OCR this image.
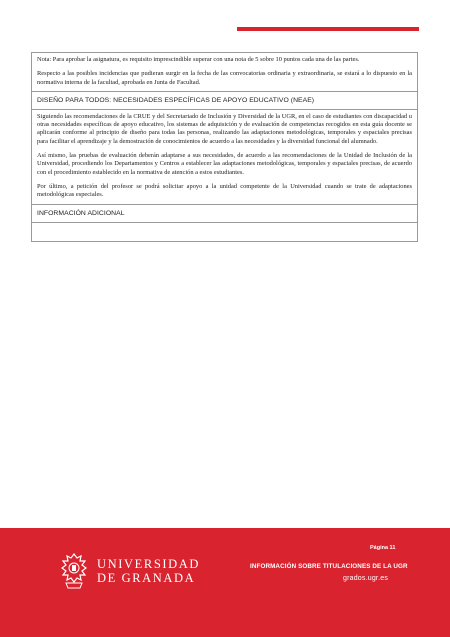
Nota: Para aprobar la asignatura, es requisito imprescindible superar con una nota de 5 sobre 10 puntos cada una de las partes.

Respecto a las posibles incidencias que pudieran surgir en la fecha de las convocatorias ordinaria y extraordinaria, se estará a lo dispuesto en la normativa interna de la facultad, aprobada en Junta de Facultad.

DISEÑO PARA TODOS: NECESIDADES ESPECÍFICAS DE APOYO EDUCATIVO (NEAE)

Siguiendo las recomendaciones de la CRUE y del Secretariado de Inclusión y Diversidad de la UGR, en el caso de estudiantes con discapacidad u otras necesidades específicas de apoyo educativo, los sistemas de adquisición y de evaluación de competencias recogidos en esta guía docente se aplicarán conforme al principio de diseño para todas las personas, realizando las adaptaciones metodológicas, temporales y espaciales precisas para facilitar el aprendizaje y la demostración de conocimientos de acuerdo a las necesidades y la diversidad funcional del alumnado.

Así mismo, las pruebas de evaluación deberán adaptarse a sus necesidades, de acuerdo a las recomendaciones de la Unidad de Inclusión de la Universidad, procediendo los Departamentos y Centros a establecer las adaptaciones metodológicas, temporales y espaciales precisas, de acuerdo con el procedimiento establecido en la normativa de atención a estos estudiantes.

Por último, a petición del profesor se podrá solicitar apoyo a la unidad competente de la Universidad cuando se trate de adaptaciones metodológicas especiales.

INFORMACIÓN ADICIONAL
UNIVERSIDAD
DE GRANADA
Página 11
INFORMACIÓN SOBRE TITULACIONES DE LA UGR
grados.ugr.es
